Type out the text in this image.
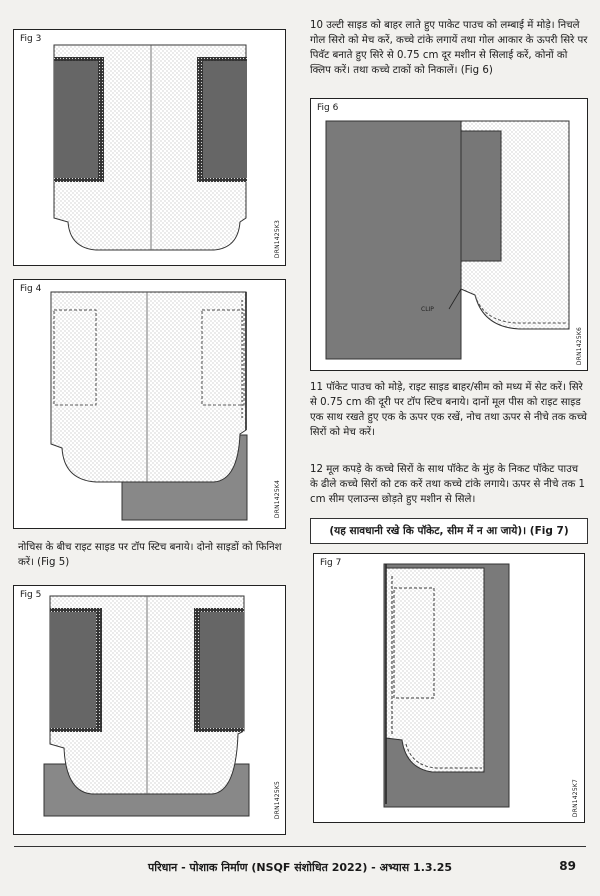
Fig 3
DRN1425K3
Fig 4
DRN1425K4

नोचिस के बीच राइट साइड पर टॉप स्टिच बनाये। दोनो साइडों को फिनिश करें। (Fig 5)

Fig 5
DRN1425K5

10 उल्टी साइड को बाहर लाते हुए पाकेट पाउच को लम्बाई में मोड़े। निचले गोल सिरो को मेच करें, कच्चे टांके लगायें तथा गोल आकार के ऊपरी सिरे पर पिवॅट बनाते हुए सिरे से 0.75 cm दूर मशीन से सिलाई करें, कोनों को क्लिप करें। तथा कच्चे टाकों को निकालें। (Fig 6)

Fig 6
CLIP
DRN1425K6

11 पॉकेट पाउच को मोड़े, राइट साइड बाहर/सीम को मध्य में सेट करें। सिरे से 0.75 cm की दूरी पर टॉप स्टिच बनाये। दानों मूल पीस को राइट साइड एक साथ रखते हुए एक के ऊपर एक रखें, नोच तथा ऊपर से नीचे तक कच्चे सिरों को मेच करें।

12 मूल कपड़े के कच्चे सिरों के साथ पॉकेट के मुंह के निकट पॉकेट पाउच के ढीले कच्चे सिरों को टक करें तथा कच्चे टांके लगाये। ऊपर से नीचे तक 1 cm सीम एलाउन्स छोड़ते हुए मशीन से सिले।

(यह सावधानी रखे कि पॉकेट, सीम में न आ जाये)। (Fig 7)
Fig 7
DRN1425K7
परिधान - पोशाक निर्माण (NSQF संशोधित 2022) - अभ्यास 1.3.25	89
